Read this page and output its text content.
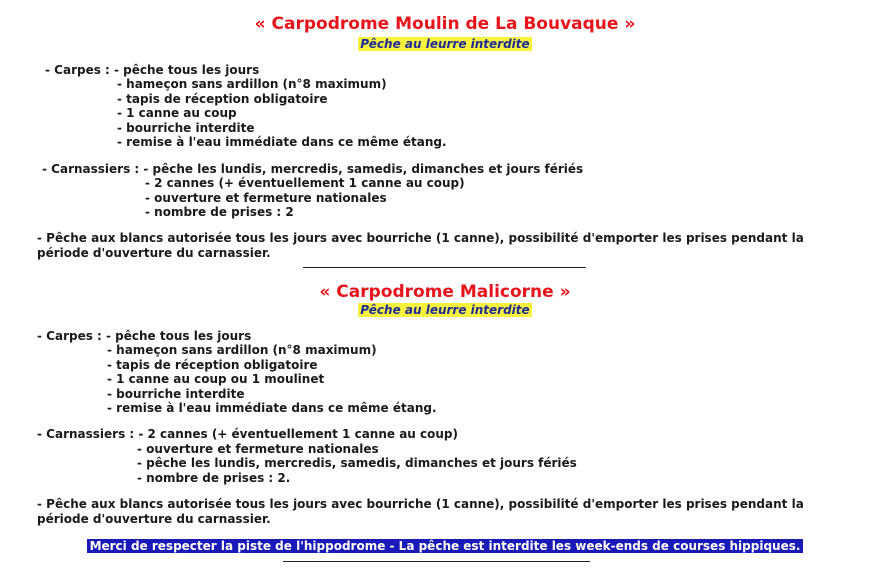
« Carpodrome Moulin de La Bouvaque »
Pêche au leurre interdite
- Carpes : - pêche tous les jours
- hameçon sans ardillon (n°8 maximum)
- tapis de réception obligatoire
- 1 canne au coup
- bourriche interdite
- remise à l'eau immédiate dans ce même étang.
- Carnassiers : - pêche les lundis, mercredis, samedis, dimanches et jours fériés
- 2 cannes (+ éventuellement 1 canne au coup)
- ouverture et fermeture nationales
- nombre de prises : 2
- Pêche aux blancs autorisée tous les jours avec bourriche (1 canne), possibilité d'emporter les prises pendant la
période d'ouverture du carnassier.
« Carpodrome Malicorne »
Pêche au leurre interdite
- Carpes : - pêche tous les jours
- hameçon sans ardillon (n°8 maximum)
- tapis de réception obligatoire
- 1 canne au coup ou 1 moulinet
- bourriche interdite
- remise à l'eau immédiate dans ce même étang.
- Carnassiers : - 2 cannes (+ éventuellement 1 canne au coup)
- ouverture et fermeture nationales
- pêche les lundis, mercredis, samedis, dimanches et jours fériés
- nombre de prises : 2.
- Pêche aux blancs autorisée tous les jours avec bourriche (1 canne), possibilité d'emporter les prises pendant la
période d'ouverture du carnassier.
Merci de respecter la piste de l'hippodrome - La pêche est interdite les week-ends de courses hippiques.
